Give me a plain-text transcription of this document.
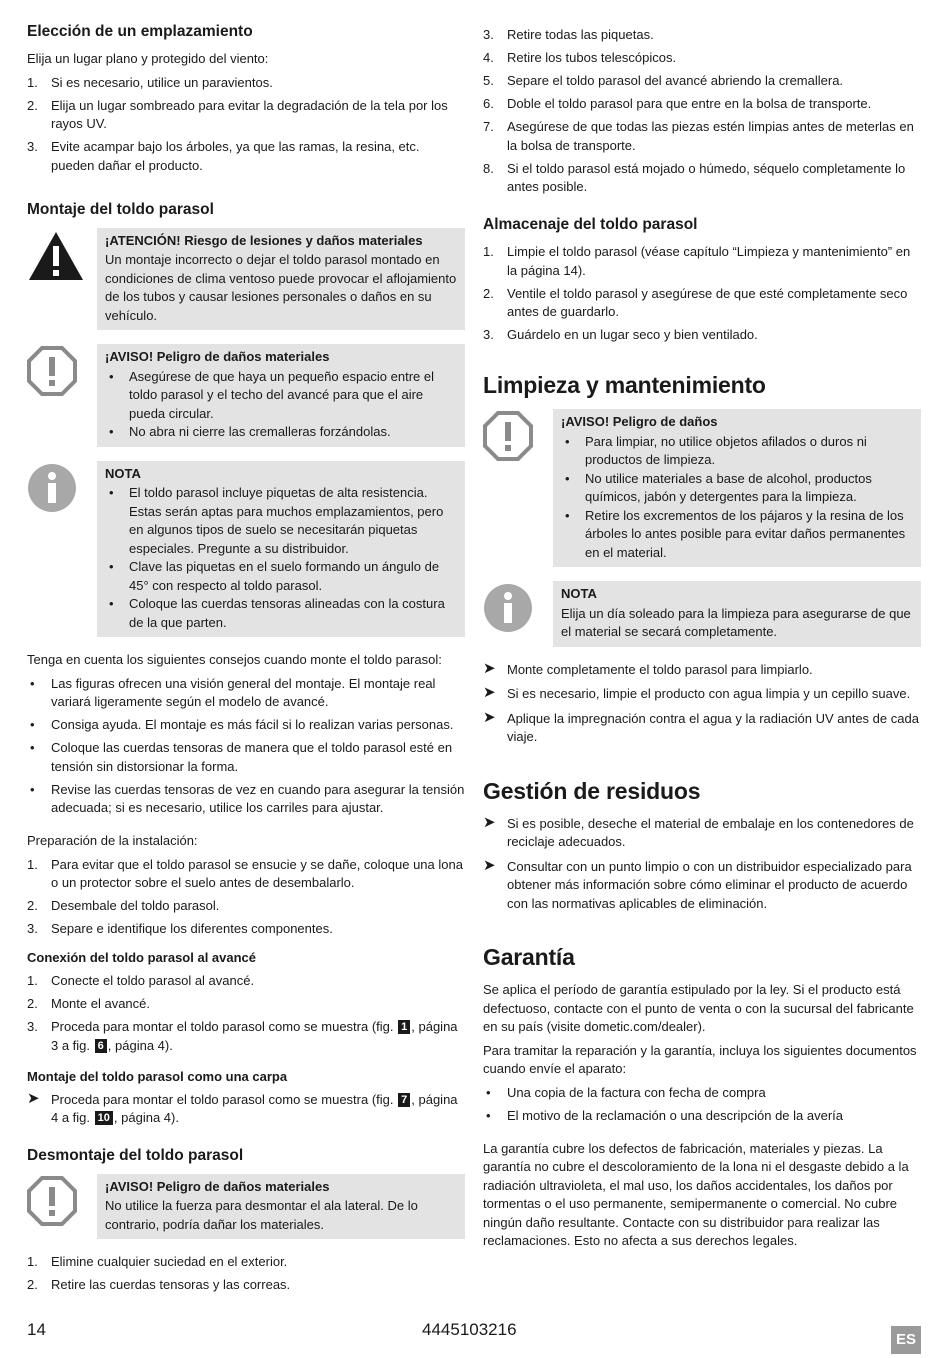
Elección de un emplazamiento

Elija un lugar plano y protegido del viento:

1. Si es necesario, utilice un paravientos.
2. Elija un lugar sombreado para evitar la degradación de la tela por los rayos UV.
3. Evite acampar bajo los árboles, ya que las ramas, la resina, etc. pueden dañar el producto.
Montaje del toldo parasol
¡ATENCIÓN! Riesgo de lesiones y daños materiales
Un montaje incorrecto o dejar el toldo parasol montado en condiciones de clima ventoso puede provocar el aflojamiento de los tubos y causar lesiones personales o daños en su vehículo.
¡AVISO! Peligro de daños materiales
• Asegúrese de que haya un pequeño espacio entre el toldo parasol y el techo del avancé para que el aire pueda circular.
• No abra ni cierre las cremalleras forzándolas.
NOTA
• El toldo parasol incluye piquetas de alta resistencia. Estas serán aptas para muchos emplazamientos, pero en algunos tipos de suelo se necesitarán piquetas especiales. Pregunte a su distribuidor.
• Clave las piquetas en el suelo formando un ángulo de 45° con respecto al toldo parasol.
• Coloque las cuerdas tensoras alineadas con la costura de la que parten.

Tenga en cuenta los siguientes consejos cuando monte el toldo parasol:

• Las figuras ofrecen una visión general del montaje. El montaje real variará ligeramente según el modelo de avancé.
• Consiga ayuda. El montaje es más fácil si lo realizan varias personas.
• Coloque las cuerdas tensoras de manera que el toldo parasol esté en tensión sin distorsionar la forma.
• Revise las cuerdas tensoras de vez en cuando para asegurar la tensión adecuada; si es necesario, utilice los carriles para ajustar.

Preparación de la instalación:

1. Para evitar que el toldo parasol se ensucie y se dañe, coloque una lona o un protector sobre el suelo antes de desembalarlo.
2. Desembale del toldo parasol.
3. Separe e identifique los diferentes componentes.
Conexión del toldo parasol al avancé
1. Conecte el toldo parasol al avancé.
2. Monte el avancé.
3. Proceda para montar el toldo parasol como se muestra (fig. 1 , página 3 a fig. 6 , página 4).
Montaje del toldo parasol como una carpa
➤ Proceda para montar el toldo parasol como se muestra (fig. 7 , página 4 a fig. 10 , página 4).
Desmontaje del toldo parasol
¡AVISO! Peligro de daños materiales
No utilice la fuerza para desmontar el ala lateral. De lo contrario, podría dañar los materiales.
1. Elimine cualquier suciedad en el exterior.
2. Retire las cuerdas tensoras y las correas.
3. Retire todas las piquetas.
4. Retire los tubos telescópicos.
5. Separe el toldo parasol del avancé abriendo la cremallera.
6. Doble el toldo parasol para que entre en la bolsa de transporte.
7. Asegúrese de que todas las piezas estén limpias antes de meterlas en la bolsa de transporte.
8. Si el toldo parasol está mojado o húmedo, séquelo completamente lo antes posible.
Almacenaje del toldo parasol
1. Limpie el toldo parasol (véase capítulo “Limpieza y mantenimiento” en la página 14).
2. Ventile el toldo parasol y asegúrese de que esté completamente seco antes de guardarlo.
3. Guárdelo en un lugar seco y bien ventilado.
Limpieza y mantenimiento
¡AVISO! Peligro de daños
• Para limpiar, no utilice objetos afilados o duros ni productos de limpieza.
• No utilice materiales a base de alcohol, productos químicos, jabón y detergentes para la limpieza.
• Retire los excrementos de los pájaros y la resina de los árboles lo antes posible para evitar daños permanentes en el material.
NOTA
Elija un día soleado para la limpieza para asegurarse de que el material se secará completamente.
➤ Monte completamente el toldo parasol para limpiarlo.
➤ Si es necesario, limpie el producto con agua limpia y un cepillo suave.
➤ Aplique la impregnación contra el agua y la radiación UV antes de cada viaje.
Gestión de residuos
➤ Si es posible, deseche el material de embalaje en los contenedores de reciclaje adecuados.
➤ Consultar con un punto limpio o con un distribuidor especializado para obtener más información sobre cómo eliminar el producto de acuerdo con las normativas aplicables de eliminación.
Garantía

Se aplica el período de garantía estipulado por la ley. Si el producto está defectuoso, contacte con el punto de venta o con la sucursal del fabricante en su país (visite dometic.com/dealer).

Para tramitar la reparación y la garantía, incluya los siguientes documentos cuando envíe el aparato:

• Una copia de la factura con fecha de compra
• El motivo de la reclamación o una descripción de la avería

La garantía cubre los defectos de fabricación, materiales y piezas. La garantía no cubre el descoloramiento de la lona ni el desgaste debido a la radiación ultravioleta, el mal uso, los daños accidentales, los daños por tormentas o el uso permanente, semipermanente o comercial. No cubre ningún daño resultante. Contacte con su distribuidor para realizar las reclamaciones. Esto no afecta a sus derechos legales.

14	4445103216
ES
